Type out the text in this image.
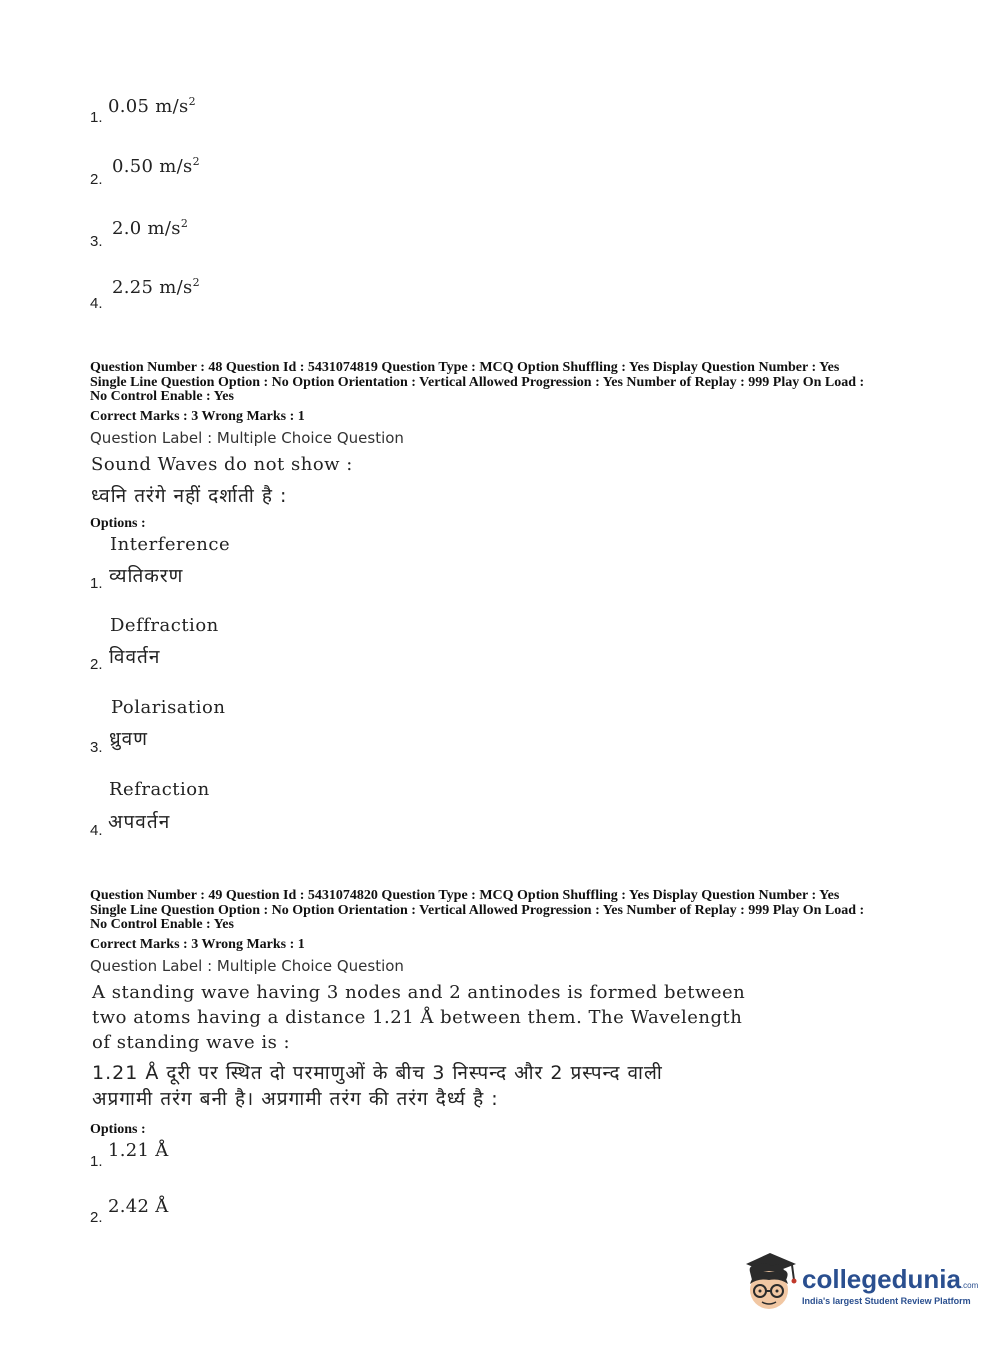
1.
0.05 $m/s^2$
2.
0.50 $m/s^2$
3.
2.0 $m/s^2$
4.
2.25 $m/s^2$
Question Number : 48 Question Id : 5431074819 Question Type : MCQ Option Shuffling : Yes Display Question Number : Yes
Single Line Question Option : No Option Orientation : Vertical Allowed Progression : Yes Number of Replay : 999 Play On Load :
No Control Enable : Yes
Correct Marks : 3 Wrong Marks : 1
Question Label : Multiple Choice Question
Sound Waves do not show :
ध्वनि तरंगे नहीं दर्शाती है :
Options :
Interference
1. व्यतिकरण
Deffraction
2. विवर्तन
Polarisation
3. ध्रुवण
Refraction
4. अपवर्तन
Question Number : 49 Question Id : 5431074820 Question Type : MCQ Option Shuffling : Yes Display Question Number : Yes
Single Line Question Option : No Option Orientation : Vertical Allowed Progression : Yes Number of Replay : 999 Play On Load :
No Control Enable : Yes
Correct Marks : 3 Wrong Marks : 1
Question Label : Multiple Choice Question
A standing wave having 3 nodes and 2 antinodes is formed between
two atoms having a distance 1.21 Å between them. The Wavelength
of standing wave is :
1.21 Å दूरी पर स्थित दो परमाणुओं के बीच 3 निस्पन्द और 2 प्रस्पन्द वाली
अप्रगामी तरंग बनी है। अप्रगामी तरंग की तरंग दैर्ध्य है :
Options :
1.
1.21 Å
2.
2.42 Å
collegedunia.com
India's largest Student Review Platform
